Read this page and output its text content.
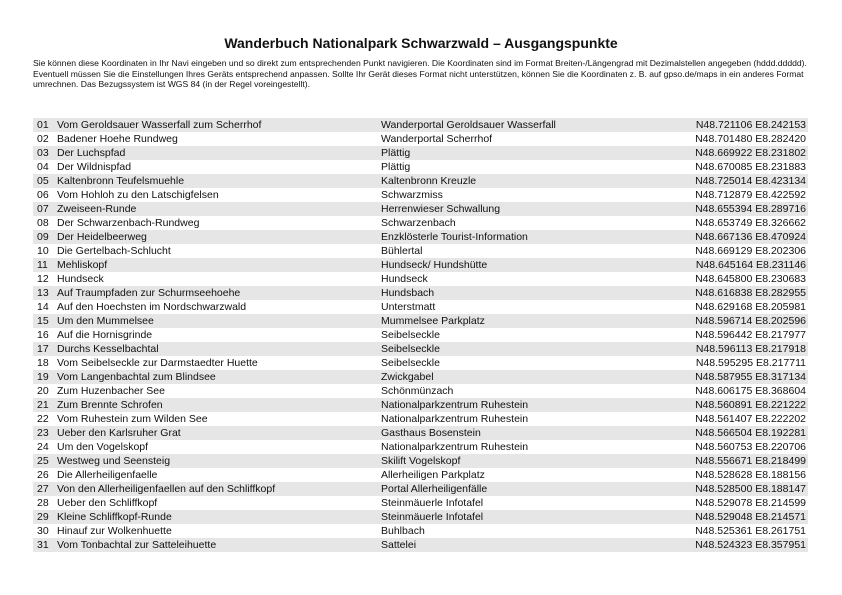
Wanderbuch Nationalpark Schwarzwald – Ausgangspunkte

Sie können diese Koordinaten in Ihr Navi eingeben und so direkt zum entsprechenden Punkt navigieren. Die Koordinaten sind im Format Breiten-/Längengrad mit Dezimalstellen angegeben (hddd.ddddd).

Eventuell müssen Sie die Einstellungen Ihres Geräts entsprechend anpassen. Sollte Ihr Gerät dieses Format nicht unterstützen, können Sie die Koordinaten z. B. auf gpso.de/maps in ein anderes Format umrechnen. Das Bezugssystem ist WGS 84 (in der Regel voreingestellt).

01 Vom Geroldsauer Wasserfall zum Scherrhof	Wanderportal Geroldsauer Wasserfall	N48.721106 E8.242153
02 Badener Hoehe Rundweg	Wanderportal Scherrhof	N48.701480 E8.282420
03 Der Luchspfad	Plättig	N48.669922 E8.231802
04 Der Wildnispfad	Plättig	N48.670085 E8.231883
05 Kaltenbronn Teufelsmuehle	Kaltenbronn Kreuzle	N48.725014 E8.423134
06 Vom Hohloh zu den Latschigfelsen	Schwarzmiss	N48.712879 E8.422592
07 Zweiseen-Runde	Herrenwieser Schwallung	N48.655394 E8.289716
08 Der Schwarzenbach-Rundweg	Schwarzenbach	N48.653749 E8.326662
09 Der Heidelbeerweg	Enzklösterle Tourist-Information	N48.667136 E8.470924
10 Die Gertelbach-Schlucht	Bühlertal	N48.669129 E8.202306
11 Mehliskopf	Hundseck/ Hundshütte	N48.645164 E8.231146
12 Hundseck	Hundseck	N48.645800 E8.230683
13 Auf Traumpfaden zur Schurmseehoehe	Hundsbach	N48.616838 E8.282955
14 Auf den Hoechsten im Nordschwarzwald	Unterstmatt	N48.629168 E8.205981
15 Um den Mummelsee	Mummelsee Parkplatz	N48.596714 E8.202596
16 Auf die Hornisgrinde	Seibelseckle	N48.596442 E8.217977
17 Durchs Kesselbachtal	Seibelseckle	N48.596113 E8.217918
18 Vom Seibelseckle zur Darmstaedter Huette	Seibelseckle	N48.595295 E8.217711
19 Vom Langenbachtal zum Blindsee	Zwickgabel	N48.587955 E8.317134
20 Zum Huzenbacher See	Schönmünzach	N48.606175 E8.368604
21 Zum Brennte Schrofen	Nationalparkzentrum Ruhestein	N48.560891 E8.221222
22 Vom Ruhestein zum Wilden See	Nationalparkzentrum Ruhestein	N48.561407 E8.222202
23 Ueber den Karlsruher Grat	Gasthaus Bosenstein	N48.566504 E8.192281
24 Um den Vogelskopf	Nationalparkzentrum Ruhestein	N48.560753 E8.220706
25 Westweg und Seensteig	Skilift Vogelskopf	N48.556671 E8.218499
26 Die Allerheiligenfaelle	Allerheiligen Parkplatz	N48.528628 E8.188156
27 Von den Allerheiligenfaellen auf den Schliffkopf	Portal Allerheiligenfälle	N48.528500 E8.188147
28 Ueber den Schliffkopf	Steinmäuerle Infotafel	N48.529078 E8.214599
29 Kleine Schliffkopf-Runde	Steinmäuerle Infotafel	N48.529048 E8.214571
30 Hinauf zur Wolkenhuette	Buhlbach	N48.525361 E8.261751
31 Vom Tonbachtal zur Satteleihuette	Sattelei	N48.524323 E8.357951
